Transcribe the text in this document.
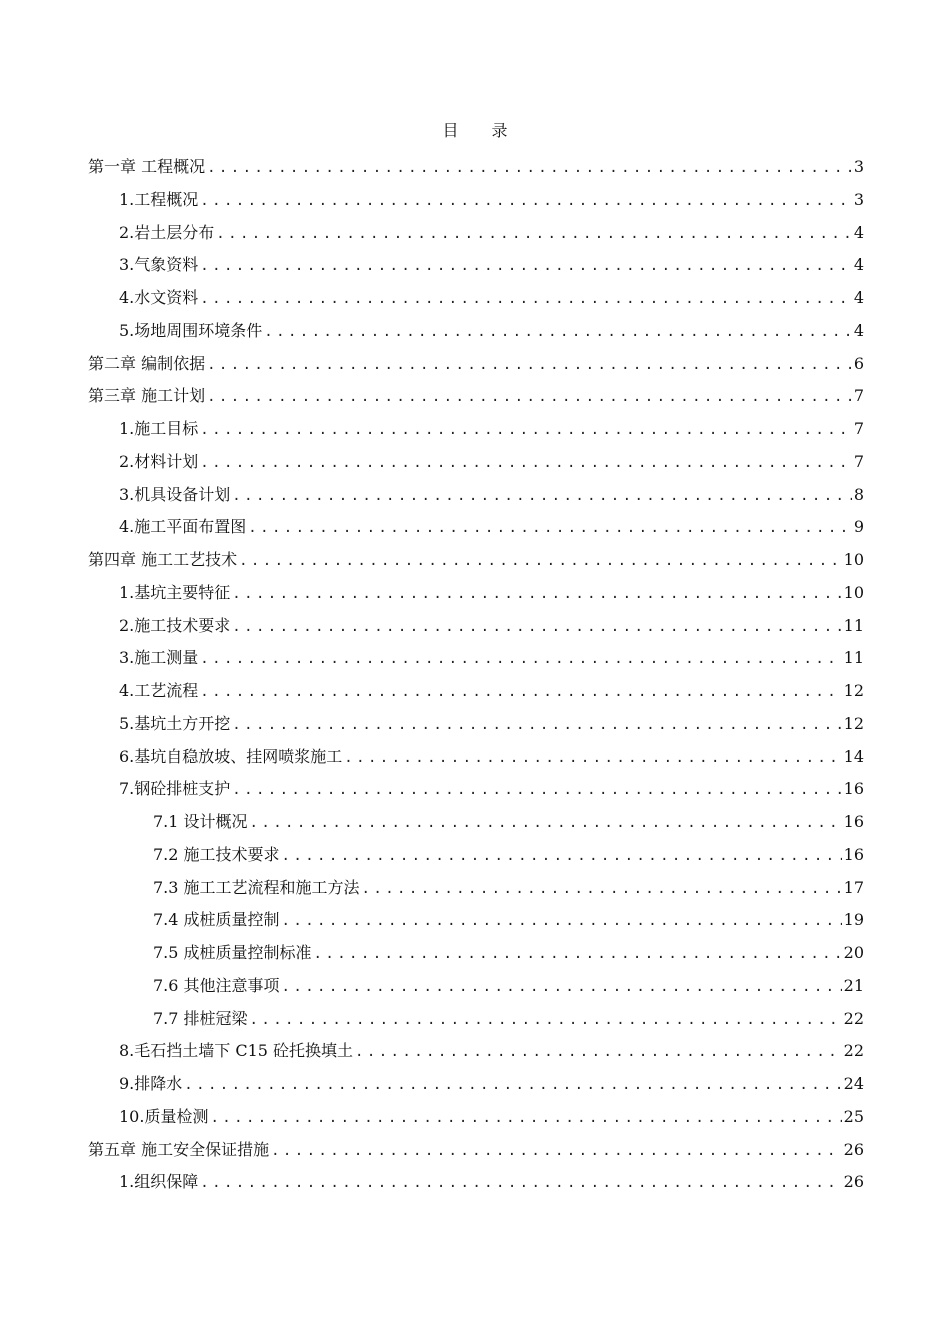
目 录
第一章 工程概况 .....	3
1.工程概况 .....	3
2.岩土层分布 .....	4
3.气象资料 .....	4
4.水文资料 .....	4
5.场地周围环境条件 .....	4
第二章 编制依据 .....	6
第三章 施工计划 .....	7
1.施工目标 .....	7
2.材料计划 .....	7
3.机具设备计划 .....	8
4.施工平面布置图 .....	9
第四章 施工工艺技术 .....	10
1.基坑主要特征 .....	10
2.施工技术要求 .....	11
3.施工测量 .....	11
4.工艺流程 .....	12
5.基坑土方开挖 .....	12
6.基坑自稳放坡、挂网喷浆施工 .....	14
7.钢砼排桩支护 .....	16
7.1 设计概况 .....	16
7.2 施工技术要求 .....	16
7.3 施工工艺流程和施工方法 .....	17
7.4 成桩质量控制 .....	19
7.5 成桩质量控制标准 .....	20
7.6 其他注意事项 .....	21
7.7 排桩冠梁 .....	22
8.毛石挡土墙下 C15 砼托换填土 .....	22
9.排降水 .....	24
10.质量检测 .....	25
第五章 施工安全保证措施 .....	26
1.组织保障 .....	26
